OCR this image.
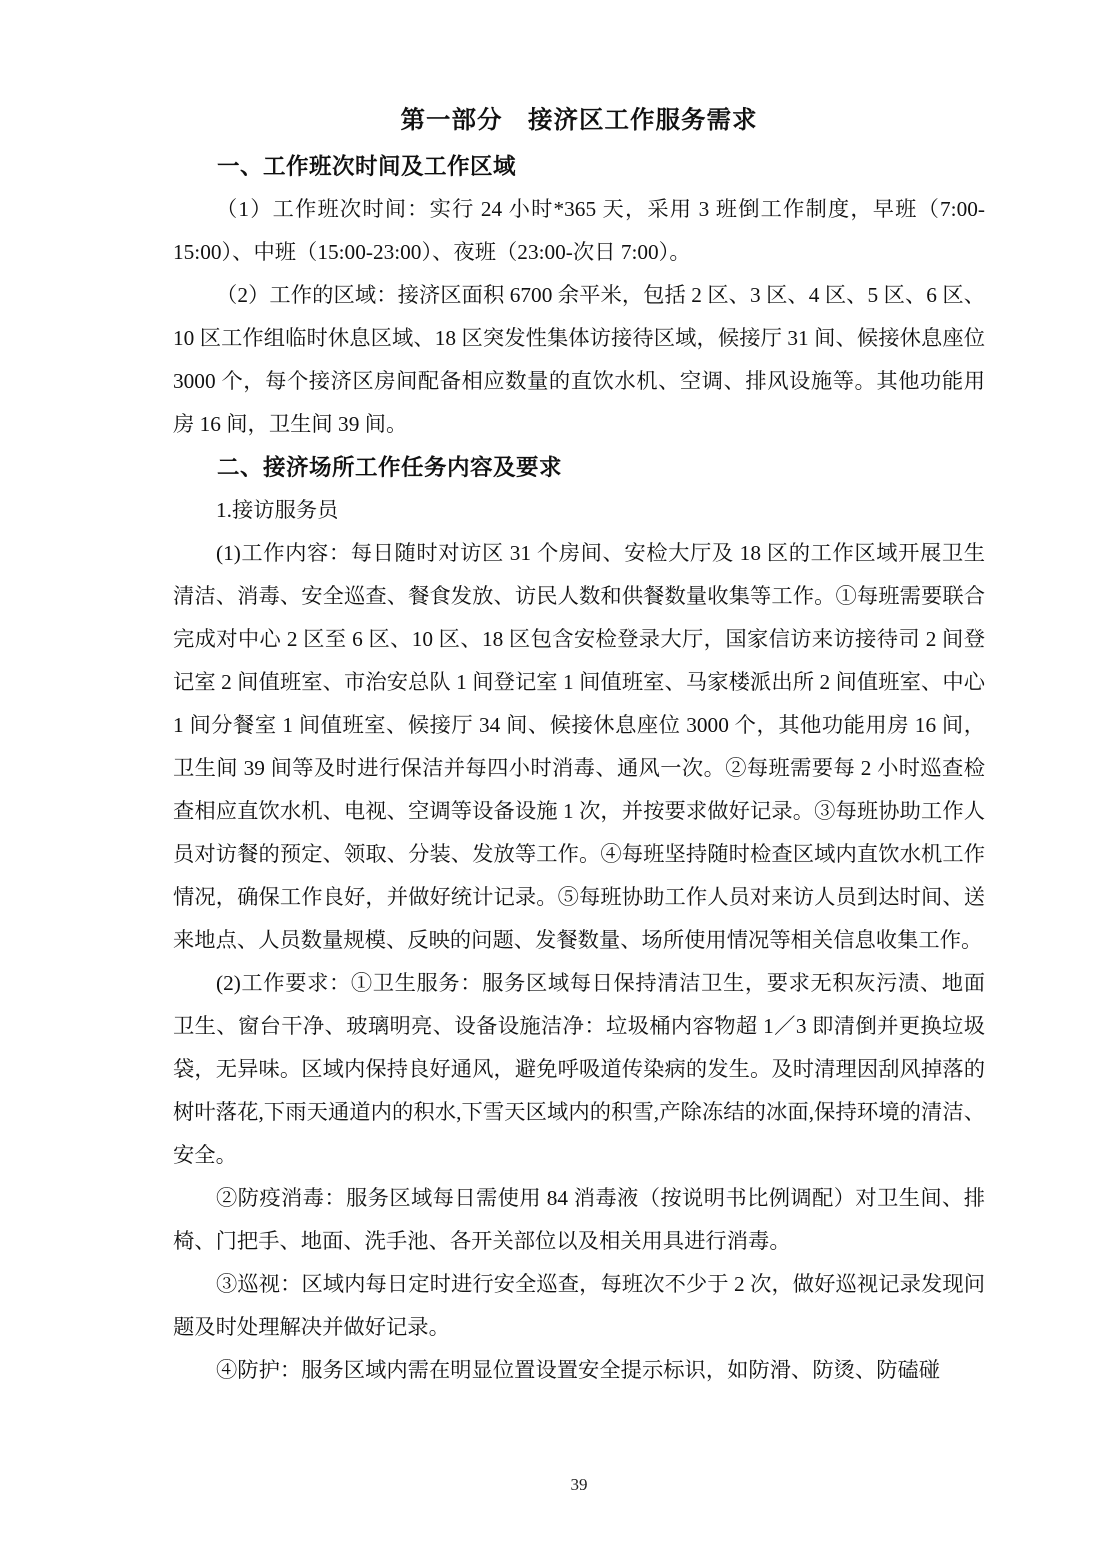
第一部分　接济区工作服务需求
一、工作班次时间及工作区域
（1）工作班次时间：实行 24 小时*365 天，采用 3 班倒工作制度，早班（7:00-15:00）、中班（15:00-23:00）、夜班（23:00-次日 7:00）。
（2）工作的区域：接济区面积 6700 余平米，包括 2 区、3 区、4 区、5 区、6 区、10 区工作组临时休息区域、18 区突发性集体访接待区域，候接厅 31 间、候接休息座位 3000 个，每个接济区房间配备相应数量的直饮水机、空调、排风设施等。其他功能用房 16 间，卫生间 39 间。
二、接济场所工作任务内容及要求
1.接访服务员
(1)工作内容：每日随时对访区 31 个房间、安检大厅及 18 区的工作区域开展卫生清洁、消毒、安全巡查、餐食发放、访民人数和供餐数量收集等工作。①每班需要联合完成对中心 2 区至 6 区、10 区、18 区包含安检登录大厅，国家信访来访接待司 2 间登记室 2 间值班室、市治安总队 1 间登记室 1 间值班室、马家楼派出所 2 间值班室、中心 1 间分餐室 1 间值班室、候接厅 34 间、候接休息座位 3000 个，其他功能用房 16 间，卫生间 39 间等及时进行保洁并每四小时消毒、通风一次。②每班需要每 2 小时巡查检查相应直饮水机、电视、空调等设备设施 1 次，并按要求做好记录。③每班协助工作人员对访餐的预定、领取、分装、发放等工作。④每班坚持随时检查区域内直饮水机工作情况，确保工作良好，并做好统计记录。⑤每班协助工作人员对来访人员到达时间、送来地点、人员数量规模、反映的问题、发餐数量、场所使用情况等相关信息收集工作。
(2)工作要求：①卫生服务：服务区域每日保持清洁卫生，要求无积灰污渍、地面卫生、窗台干净、玻璃明亮、设备设施洁净：垃圾桶内容物超 1／3 即清倒并更换垃圾袋，无异味。区域内保持良好通风，避免呼吸道传染病的发生。及时清理因刮风掉落的树叶落花,下雨天通道内的积水,下雪天区域内的积雪,产除冻结的冰面,保持环境的清洁、安全。
②防疫消毒：服务区域每日需使用 84 消毒液（按说明书比例调配）对卫生间、排椅、门把手、地面、洗手池、各开关部位以及相关用具进行消毒。
③巡视：区域内每日定时进行安全巡查，每班次不少于 2 次，做好巡视记录发现问题及时处理解决并做好记录。
④防护：服务区域内需在明显位置设置安全提示标识，如防滑、防烫、防磕碰
39
